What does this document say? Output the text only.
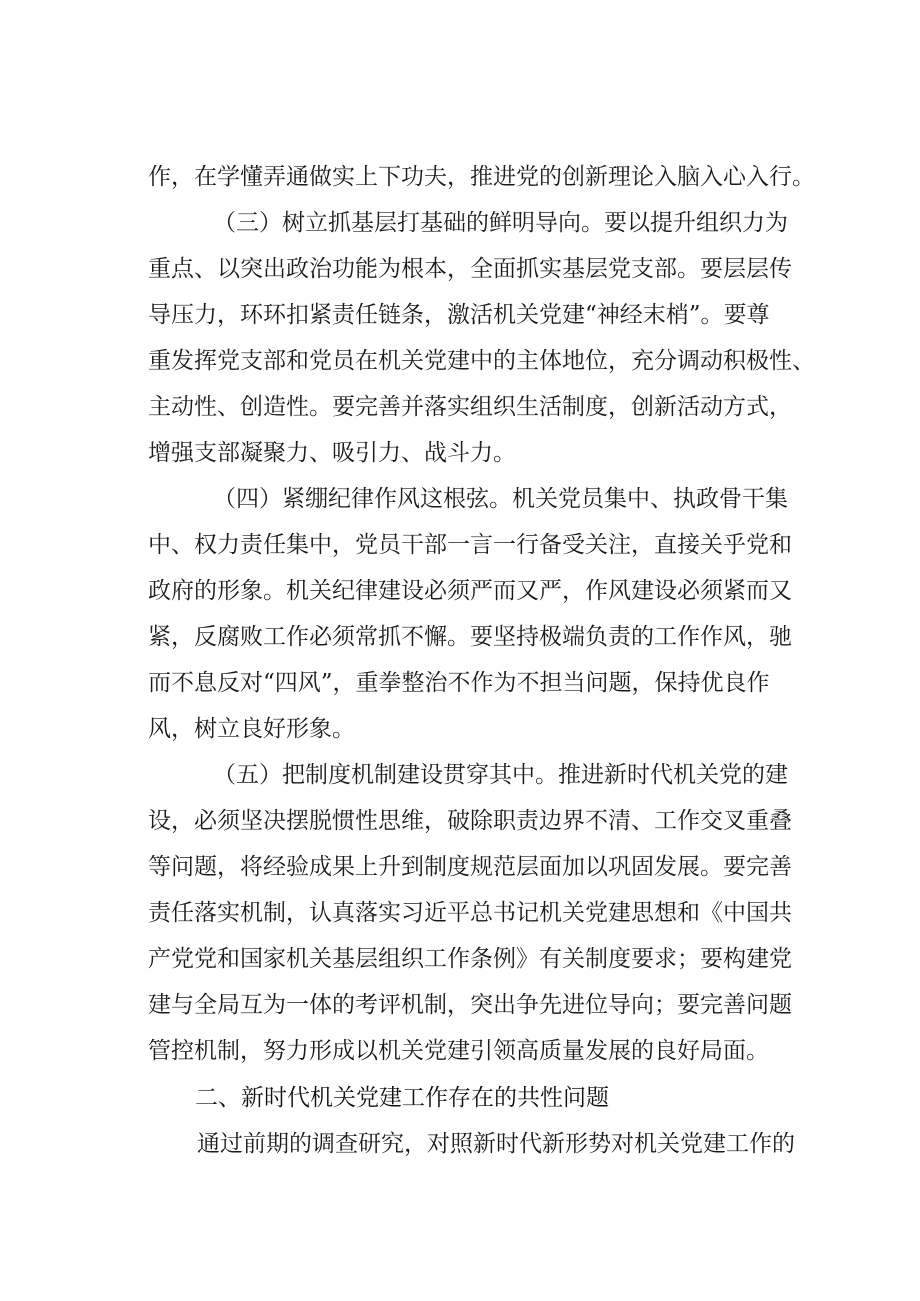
作，在学懂弄通做实上下功夫，推进党的创新理论入脑入心入行。
（三）树立抓基层打基础的鲜明导向。要以提升组织力为
重点、以突出政治功能为根本，全面抓实基层党支部。要层层传
导压力，环环扣紧责任链条，激活机关党建“神经末梢”。要尊
重发挥党支部和党员在机关党建中的主体地位，充分调动积极性、
主动性、创造性。要完善并落实组织生活制度，创新活动方式，
增强支部凝聚力、吸引力、战斗力。
（四）紧绷纪律作风这根弦。机关党员集中、执政骨干集
中、权力责任集中，党员干部一言一行备受关注，直接关乎党和
政府的形象。机关纪律建设必须严而又严，作风建设必须紧而又
紧，反腐败工作必须常抓不懈。要坚持极端负责的工作作风，驰
而不息反对“四风”，重拳整治不作为不担当问题，保持优良作
风，树立良好形象。
（五）把制度机制建设贯穿其中。推进新时代机关党的建
设，必须坚决摆脱惯性思维，破除职责边界不清、工作交叉重叠
等问题，将经验成果上升到制度规范层面加以巩固发展。要完善
责任落实机制，认真落实习近平总书记机关党建思想和《中国共
产党党和国家机关基层组织工作条例》有关制度要求；要构建党
建与全局互为一体的考评机制，突出争先进位导向；要完善问题
管控机制，努力形成以机关党建引领高质量发展的良好局面。
二、新时代机关党建工作存在的共性问题
通过前期的调查研究，对照新时代新形势对机关党建工作的
